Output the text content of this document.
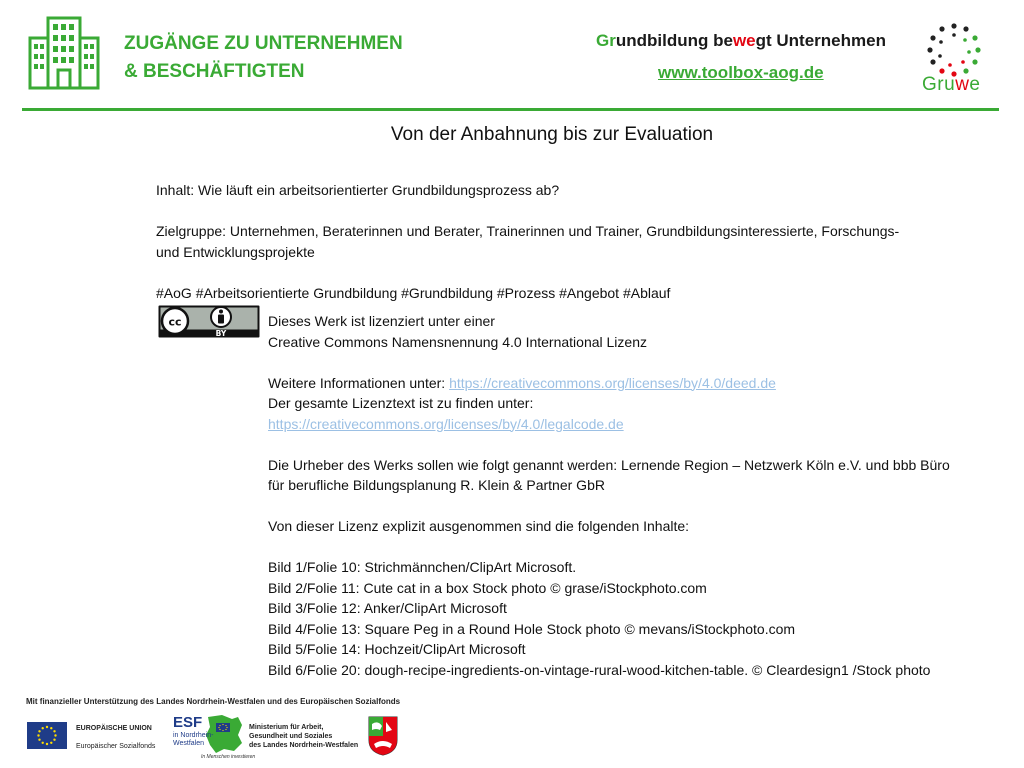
ZUGÄNGE ZU UNTERNEHMEN
& BESCHÄFTIGTEN
Grundbildung bewegt Unternehmen
www.toolbox-aog.de
Gruwe
Von der Anbahnung bis zur Evaluation

Inhalt: Wie läuft ein arbeitsorientierter Grundbildungsprozess ab?

Zielgruppe: Unternehmen, Beraterinnen und Berater, Trainerinnen und Trainer, Grundbildungsinteressierte, Forschungs- und Entwicklungsprojekte

#AoG #Arbeitsorientierte Grundbildung #Grundbildung #Prozess #Angebot #Ablauf

cc
BY

Dieses Werk ist lizenziert unter einer
Creative Commons Namensnennung 4.0 International Lizenz

Weitere Informationen unter: https://creativecommons.org/licenses/by/4.0/deed.de
Der gesamte Lizenztext ist zu finden unter:
https://creativecommons.org/licenses/by/4.0/legalcode.de

Die Urheber des Werks sollen wie folgt genannt werden: Lernende Region – Netzwerk Köln e.V. und bbb Büro für berufliche Bildungsplanung R. Klein & Partner GbR

Von dieser Lizenz explizit ausgenommen sind die folgenden Inhalte:

Bild 1/Folie 10: Strichmännchen/ClipArt Microsoft.
Bild 2/Folie 11: Cute cat in a box Stock photo © grase/iStockphoto.com
Bild 3/Folie 12: Anker/ClipArt Microsoft
Bild 4/Folie 13: Square Peg in a Round Hole Stock photo © mevans/iStockphoto.com
Bild 5/Folie 14: Hochzeit/ClipArt Microsoft
Bild 6/Folie 20: dough-recipe-ingredients-on-vintage-rural-wood-kitchen-table. © Cleardesign1 /Stock photo

Mit finanzieller Unterstützung des Landes Nordrhein-Westfalen und des Europäischen Sozialfonds
EUROPÄISCHE UNION
Europäischer Sozialfonds
ESF
in Nordrhein-
Westfalen
In Menschen investieren
Ministerium für Arbeit,
Gesundheit und Soziales
des Landes Nordrhein-Westfalen
